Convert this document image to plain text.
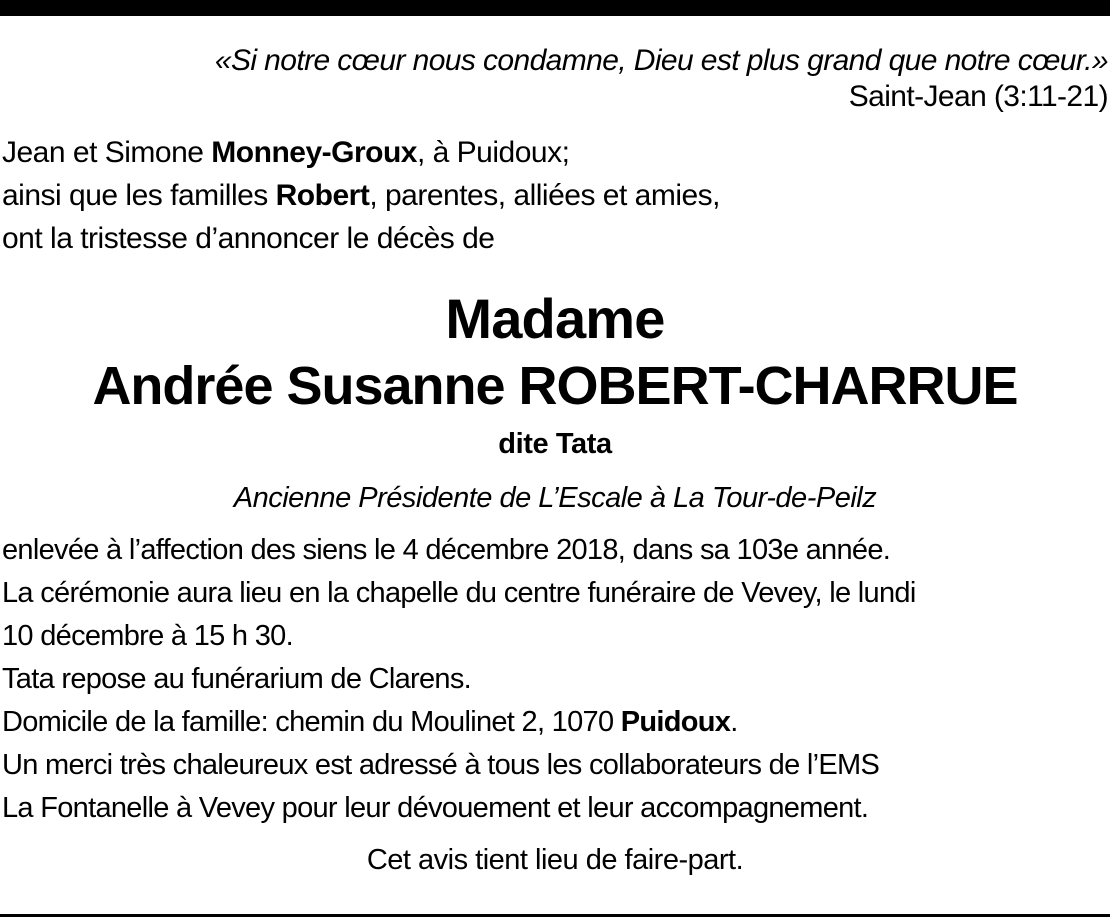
«Si notre cœur nous condamne, Dieu est plus grand que notre cœur.»
Saint-Jean (3:11-21)
Jean et Simone Monney-Groux, à Puidoux;
ainsi que les familles Robert, parentes, alliées et amies,
ont la tristesse d’annoncer le décès de
Madame
Andrée Susanne ROBERT-CHARRUE
dite Tata
Ancienne Présidente de L’Escale à La Tour-de-Peilz
enlevée à l’affection des siens le 4 décembre 2018, dans sa 103e année.
La cérémonie aura lieu en la chapelle du centre funéraire de Vevey, le lundi
10 décembre à 15 h 30.
Tata repose au funérarium de Clarens.
Domicile de la famille: chemin du Moulinet 2, 1070 Puidoux.
Un merci très chaleureux est adressé à tous les collaborateurs de l’EMS
La Fontanelle à Vevey pour leur dévouement et leur accompagnement.
Cet avis tient lieu de faire-part.
